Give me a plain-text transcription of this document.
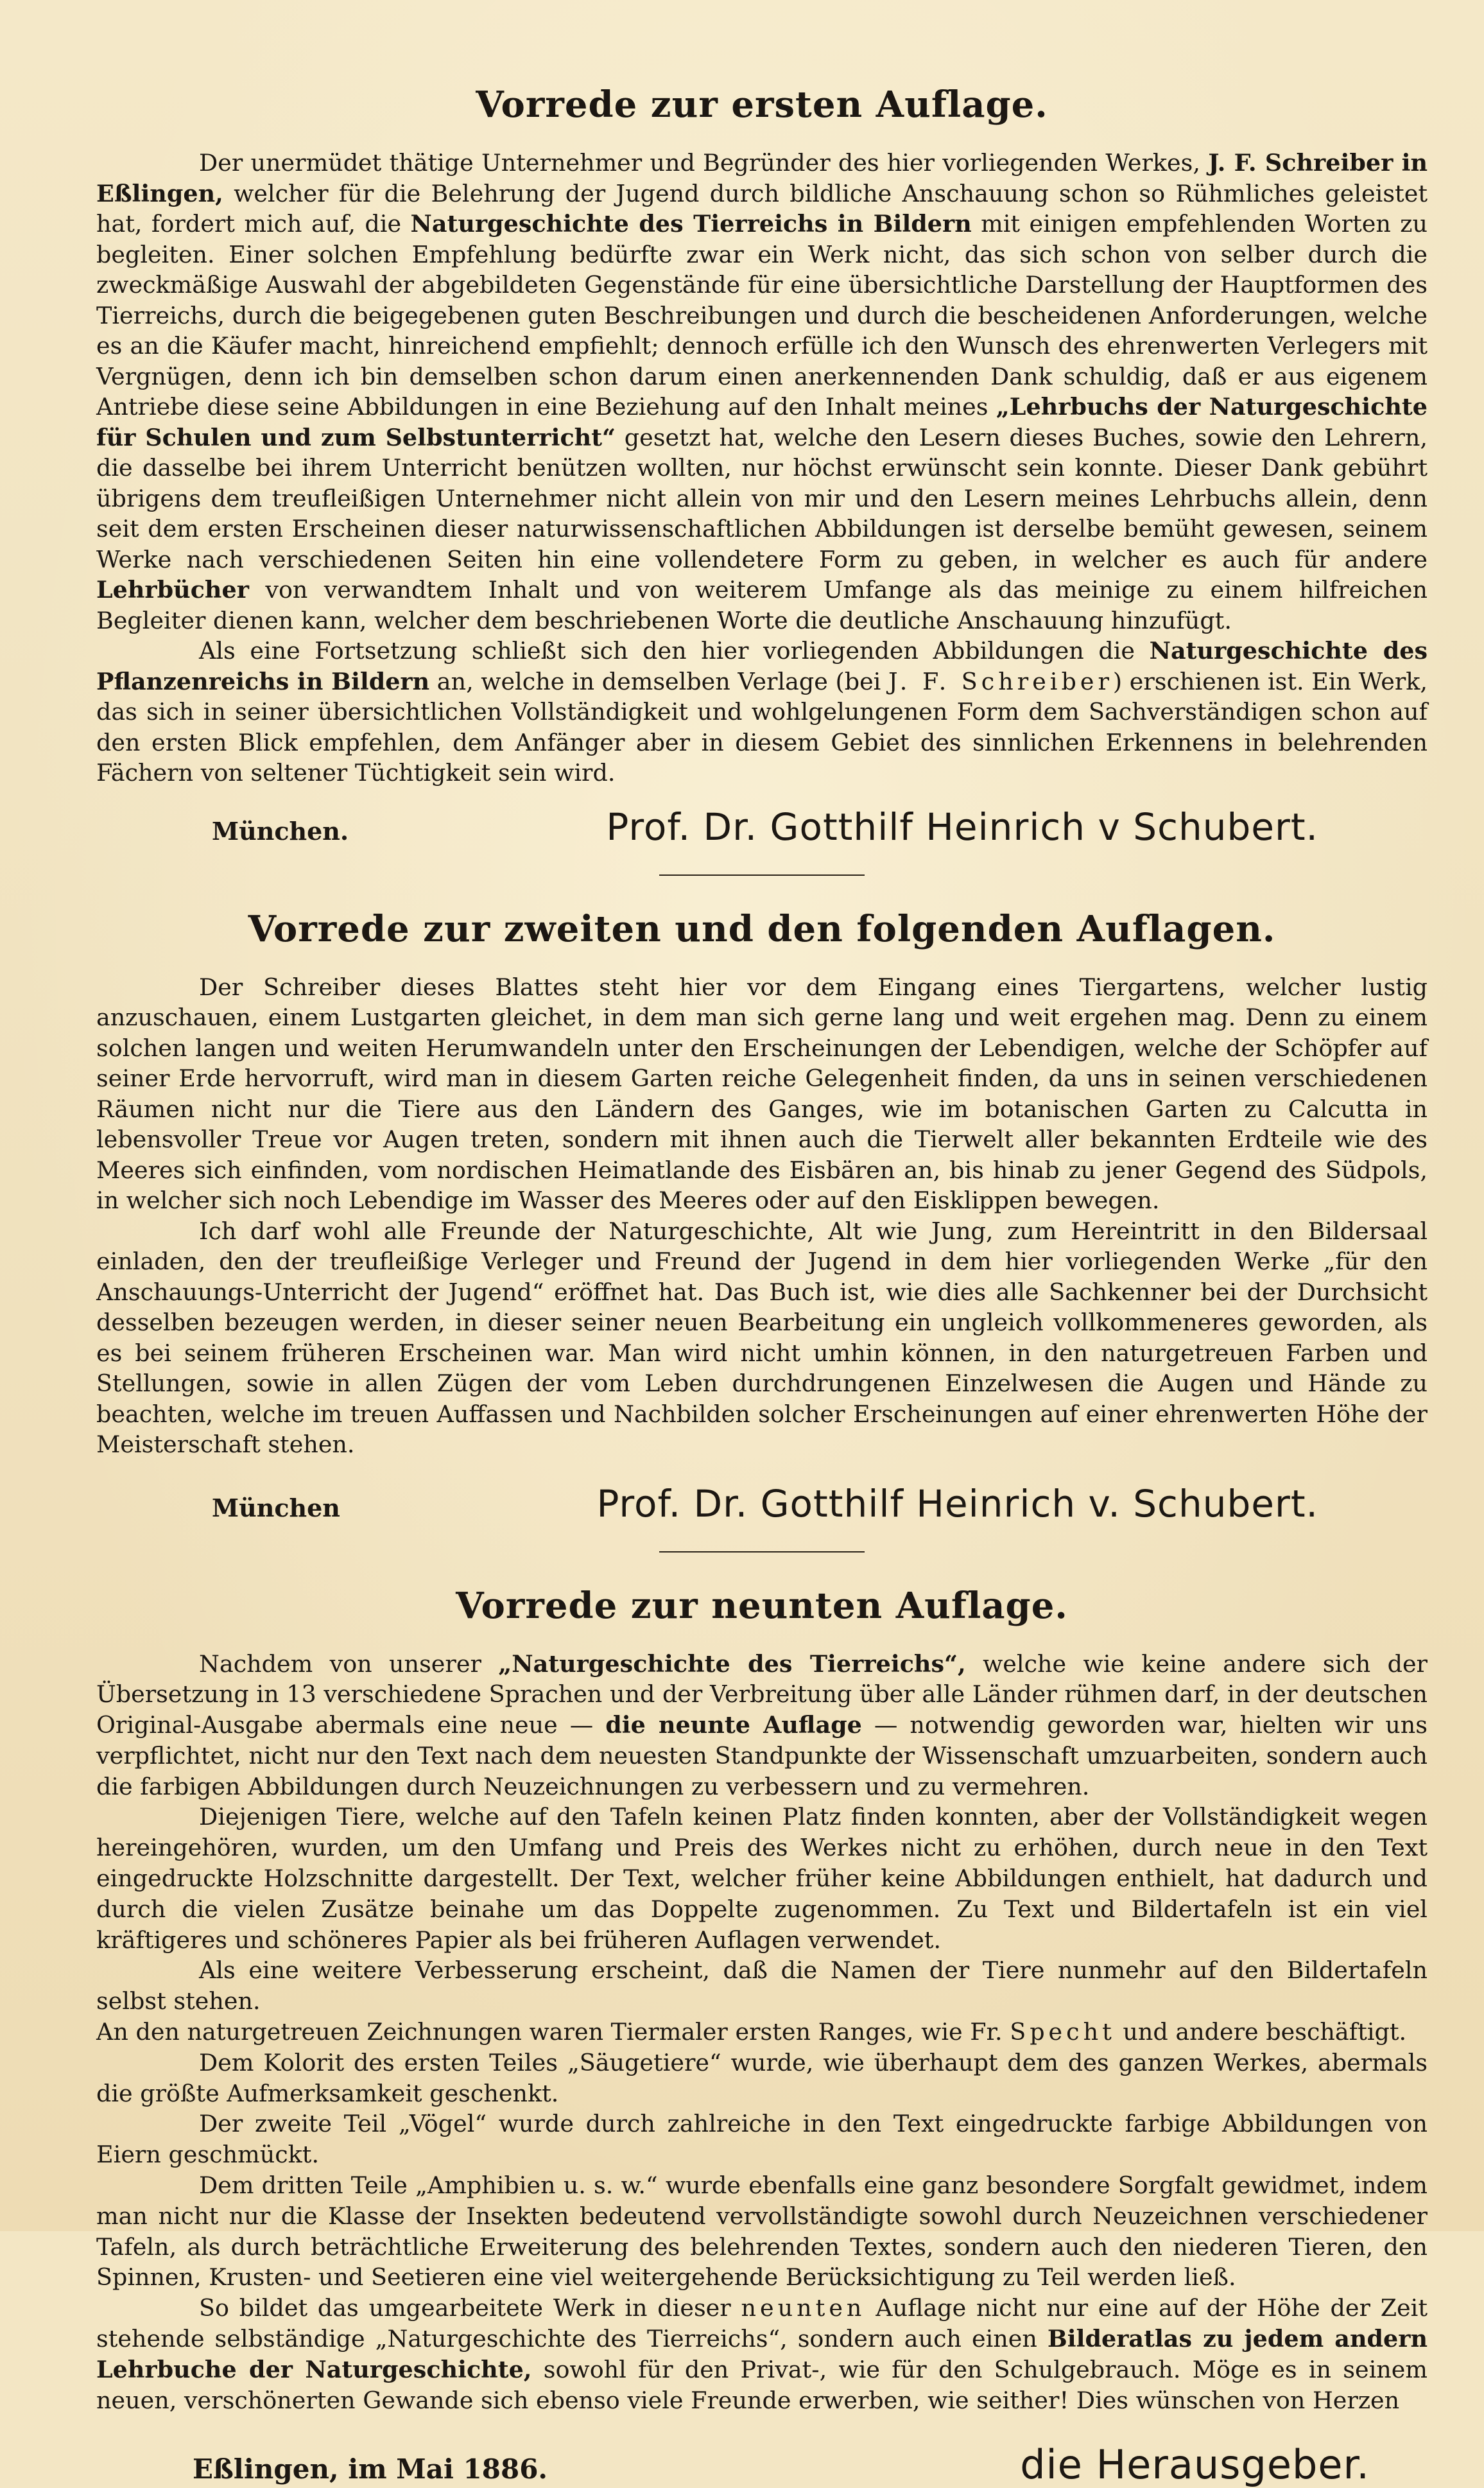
Vorrede zur ersten Auflage.

Der unermüdet thätige Unternehmer und Begründer des hier vorliegenden Werkes, J. F. Schreiber in Eßlingen, welcher für die Belehrung der Jugend durch bildliche Anschauung schon so Rühmliches geleistet hat, fordert mich auf, die Naturgeschichte des Tierreichs in Bildern mit einigen empfehlenden Worten zu begleiten. Einer solchen Empfehlung bedürfte zwar ein Werk nicht, das sich schon von selber durch die zweckmäßige Auswahl der abgebildeten Gegenstände für eine übersichtliche Darstellung der Hauptformen des Tierreichs, durch die beigegebenen guten Beschreibungen und durch die bescheidenen Anforderungen, welche es an die Käufer macht, hinreichend empfiehlt; dennoch erfülle ich den Wunsch des ehrenwerten Verlegers mit Vergnügen, denn ich bin demselben schon darum einen anerkennenden Dank schuldig, daß er aus eigenem Antriebe diese seine Abbildungen in eine Beziehung auf den Inhalt meines „Lehrbuchs der Naturgeschichte für Schulen und zum Selbstunterricht“ gesetzt hat, welche den Lesern dieses Buches, sowie den Lehrern, die dasselbe bei ihrem Unterricht benützen wollten, nur höchst erwünscht sein konnte. Dieser Dank gebührt übrigens dem treufleißigen Unternehmer nicht allein von mir und den Lesern meines Lehrbuchs allein, denn seit dem ersten Erscheinen dieser naturwissenschaftlichen Abbildungen ist derselbe bemüht gewesen, seinem Werke nach verschiedenen Seiten hin eine vollendetere Form zu geben, in welcher es auch für andere Lehrbücher von verwandtem Inhalt und von weiterem Umfange als das meinige zu einem hilfreichen Begleiter dienen kann, welcher dem beschriebenen Worte die deutliche Anschauung hinzufügt.

Als eine Fortsetzung schließt sich den hier vorliegenden Abbildungen die Naturgeschichte des Pflanzenreichs in Bildern an, welche in demselben Verlage (bei J. F. Schreiber) erschienen ist. Ein Werk, das sich in seiner übersichtlichen Vollständigkeit und wohlgelungenen Form dem Sachverständigen schon auf den ersten Blick empfehlen, dem Anfänger aber in diesem Gebiet des sinnlichen Erkennens in belehrenden Fächern von seltener Tüchtigkeit sein wird.

München.	Prof. Dr. Gotthilf Heinrich v Schubert.
Vorrede zur zweiten und den folgenden Auflagen.

Der Schreiber dieses Blattes steht hier vor dem Eingang eines Tiergartens, welcher lustig anzuschauen, einem Lustgarten gleichet, in dem man sich gerne lang und weit ergehen mag. Denn zu einem solchen langen und weiten Herumwandeln unter den Erscheinungen der Lebendigen, welche der Schöpfer auf seiner Erde hervorruft, wird man in diesem Garten reiche Gelegenheit finden, da uns in seinen verschiedenen Räumen nicht nur die Tiere aus den Ländern des Ganges, wie im botanischen Garten zu Calcutta in lebensvoller Treue vor Augen treten, sondern mit ihnen auch die Tierwelt aller bekannten Erdteile wie des Meeres sich einfinden, vom nordischen Heimatlande des Eisbären an, bis hinab zu jener Gegend des Südpols, in welcher sich noch Lebendige im Wasser des Meeres oder auf den Eisklippen bewegen.

Ich darf wohl alle Freunde der Naturgeschichte, Alt wie Jung, zum Hereintritt in den Bildersaal einladen, den der treufleißige Verleger und Freund der Jugend in dem hier vorliegenden Werke „für den Anschauungs-Unterricht der Jugend“ eröffnet hat. Das Buch ist, wie dies alle Sachkenner bei der Durchsicht desselben bezeugen werden, in dieser seiner neuen Bearbeitung ein ungleich vollkommeneres geworden, als es bei seinem früheren Erscheinen war. Man wird nicht umhin können, in den naturgetreuen Farben und Stellungen, sowie in allen Zügen der vom Leben durchdrungenen Einzelwesen die Augen und Hände zu beachten, welche im treuen Auffassen und Nachbilden solcher Erscheinungen auf einer ehrenwerten Höhe der Meisterschaft stehen.

München	Prof. Dr. Gotthilf Heinrich v. Schubert.
Vorrede zur neunten Auflage.

Nachdem von unserer „Naturgeschichte des Tierreichs“, welche wie keine andere sich der Übersetzung in 13 verschiedene Sprachen und der Verbreitung über alle Länder rühmen darf, in der deutschen Original-Ausgabe abermals eine neue — die neunte Auflage — notwendig geworden war, hielten wir uns verpflichtet, nicht nur den Text nach dem neuesten Standpunkte der Wissenschaft umzuarbeiten, sondern auch die farbigen Abbildungen durch Neuzeichnungen zu verbessern und zu vermehren.

Diejenigen Tiere, welche auf den Tafeln keinen Platz finden konnten, aber der Vollständigkeit wegen hereingehören, wurden, um den Umfang und Preis des Werkes nicht zu erhöhen, durch neue in den Text eingedruckte Holzschnitte dargestellt. Der Text, welcher früher keine Abbildungen enthielt, hat dadurch und durch die vielen Zusätze beinahe um das Doppelte zugenommen. Zu Text und Bildertafeln ist ein viel kräftigeres und schöneres Papier als bei früheren Auflagen verwendet.

Als eine weitere Verbesserung erscheint, daß die Namen der Tiere nunmehr auf den Bildertafeln selbst stehen.

An den naturgetreuen Zeichnungen waren Tiermaler ersten Ranges, wie Fr. Specht und andere beschäftigt.

Dem Kolorit des ersten Teiles „Säugetiere“ wurde, wie überhaupt dem des ganzen Werkes, abermals die größte Aufmerksamkeit geschenkt.

Der zweite Teil „Vögel“ wurde durch zahlreiche in den Text eingedruckte farbige Abbildungen von Eiern geschmückt.

Dem dritten Teile „Amphibien u. s. w.“ wurde ebenfalls eine ganz besondere Sorgfalt gewidmet, indem man nicht nur die Klasse der Insekten bedeutend vervollständigte sowohl durch Neuzeichnen verschiedener Tafeln, als durch beträchtliche Erweiterung des belehrenden Textes, sondern auch den niederen Tieren, den Spinnen, Krusten- und Seetieren eine viel weitergehende Berücksichtigung zu Teil werden ließ.

So bildet das umgearbeitete Werk in dieser neunten Auflage nicht nur eine auf der Höhe der Zeit stehende selbständige „Naturgeschichte des Tierreichs“, sondern auch einen Bilderatlas zu jedem andern Lehrbuche der Naturgeschichte, sowohl für den Privat-, wie für den Schulgebrauch. Möge es in seinem neuen, verschönerten Gewande sich ebenso viele Freunde erwerben, wie seither! Dies wünschen von Herzen

Eßlingen, im Mai 1886.	die Herausgeber.
